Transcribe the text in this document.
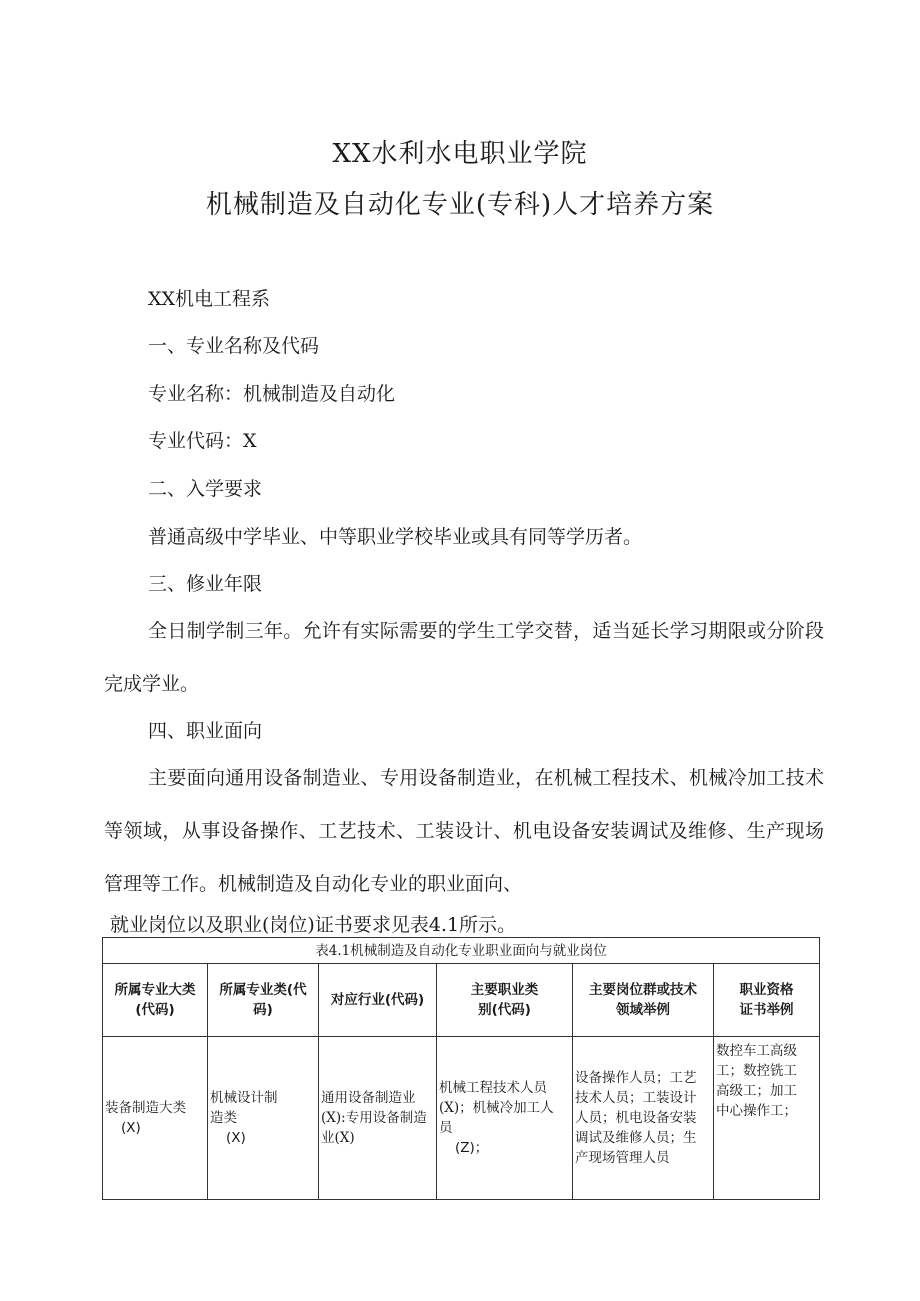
XX水利水电职业学院
机械制造及自动化专业(专科)人才培养方案
XX机电工程系
一、专业名称及代码
专业名称：机械制造及自动化
专业代码：X
二、入学要求
普通高级中学毕业、中等职业学校毕业或具有同等学历者。
三、修业年限
全日制学制三年。允许有实际需要的学生工学交替，适当延长学习期限或分阶段完成学业。
四、职业面向
主要面向通用设备制造业、专用设备制造业，在机械工程技术、机械冷加工技术等领域，从事设备操作、工艺技术、工装设计、机电设备安装调试及维修、生产现场管理等工作。机械制造及自动化专业的职业面向、
就业岗位以及职业(岗位)证书要求见表4.1所示。
表4.1机械制造及自动化专业职业面向与就业岗位					

所属专业大类
(代码)	所属专业类(代
码)	对应行业(代码)	主要职业类
别(代码)	主要岗位群或技术
领域举例	职业资格
证书举例

装备制造大类
(X)	机械设计制
造类
(X)	通用设备制造业
(X):专用设备制造
业(X)	机械工程技术人员
(X)；机械冷加工人
员
(Z)；	设备操作人员；工艺
技术人员；工装设计
人员；机电设备安装
调试及维修人员；生
产现场管理人员	数控车工高级
工；数控铣工
高级工；加工
中心操作工；
